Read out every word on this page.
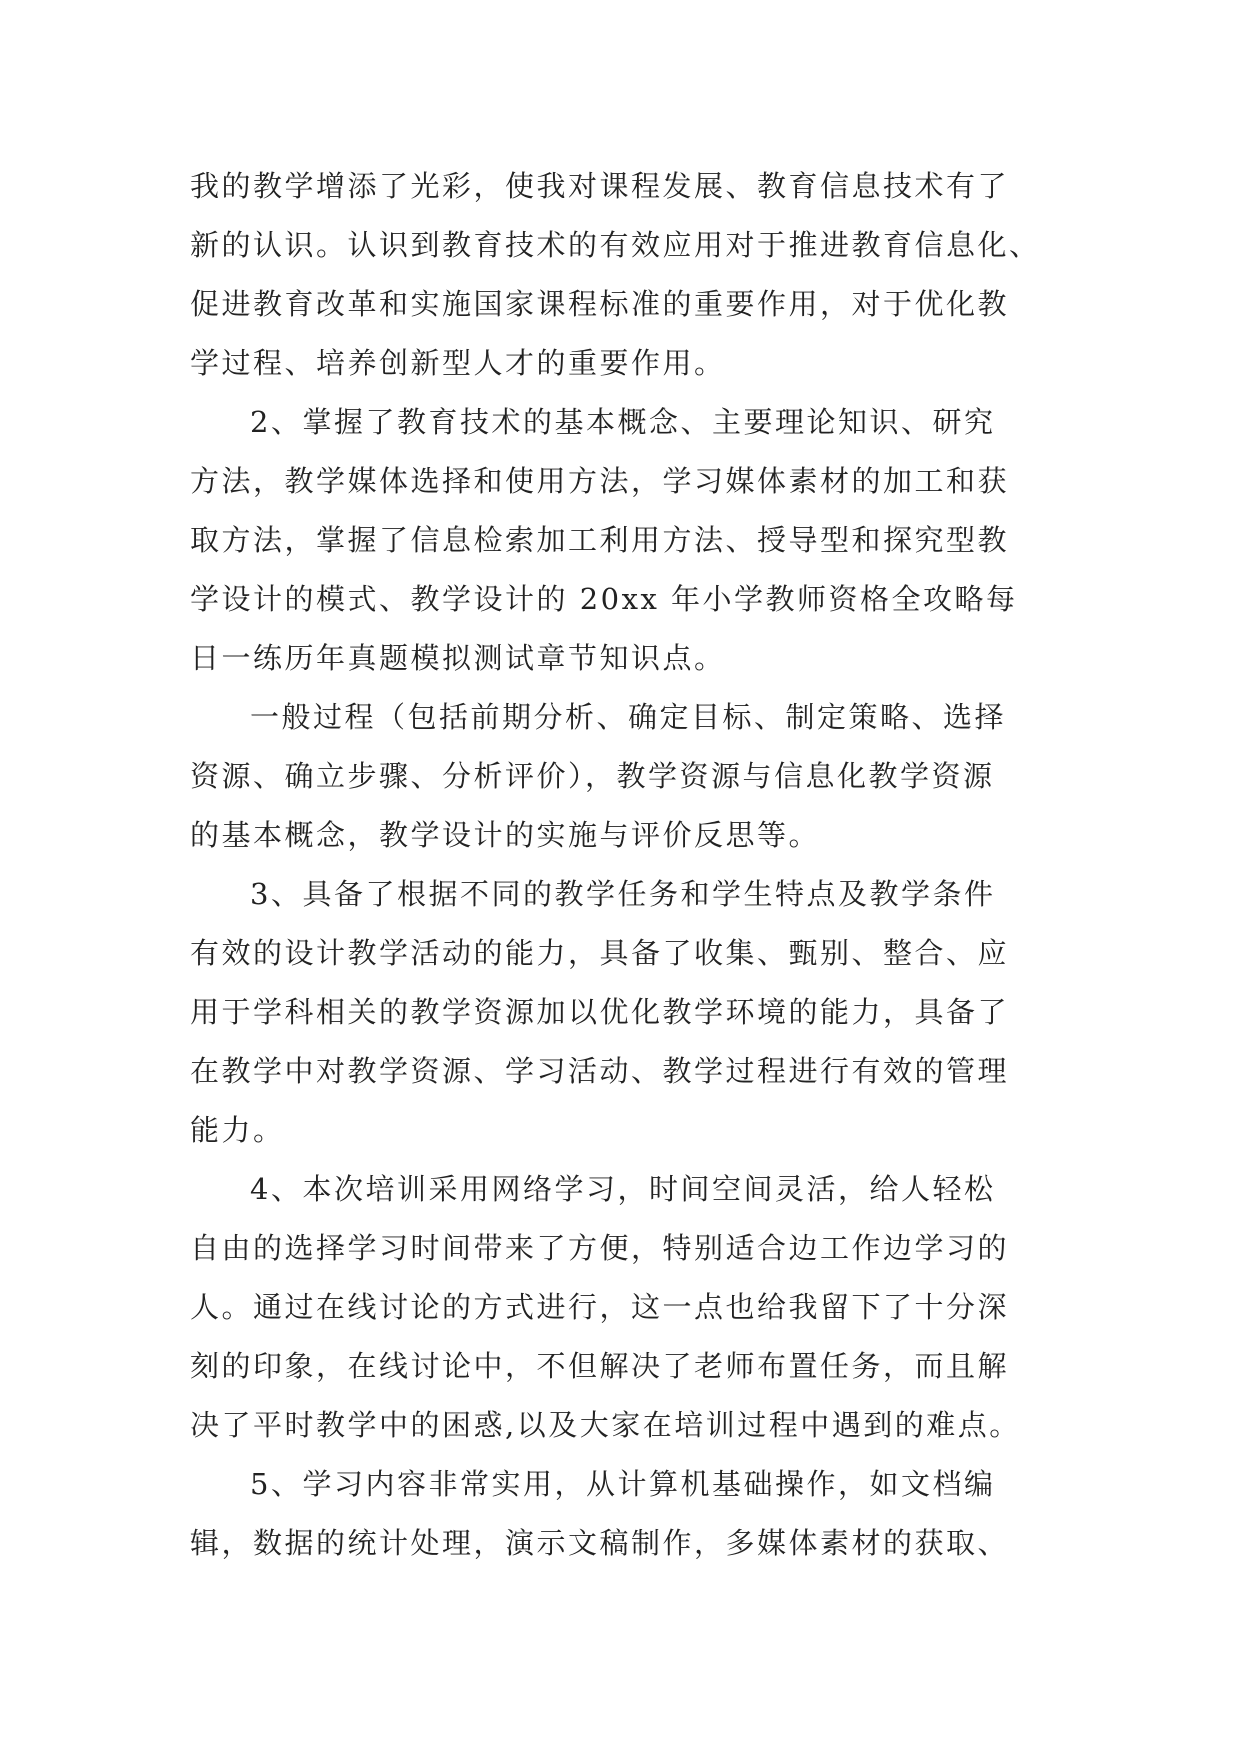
我的教学增添了光彩，使我对课程发展、教育信息技术有了
新的认识。认识到教育技术的有效应用对于推进教育信息化、
促进教育改革和实施国家课程标准的重要作用，对于优化教
学过程、培养创新型人才的重要作用。
2、掌握了教育技术的基本概念、主要理论知识、研究
方法，教学媒体选择和使用方法，学习媒体素材的加工和获
取方法，掌握了信息检索加工利用方法、授导型和探究型教
学设计的模式、教学设计的 20xx 年小学教师资格全攻略每
日一练历年真题模拟测试章节知识点。
一般过程（包括前期分析、确定目标、制定策略、选择
资源、确立步骤、分析评价），教学资源与信息化教学资源
的基本概念，教学设计的实施与评价反思等。
3、具备了根据不同的教学任务和学生特点及教学条件
有效的设计教学活动的能力，具备了收集、甄别、整合、应
用于学科相关的教学资源加以优化教学环境的能力，具备了
在教学中对教学资源、学习活动、教学过程进行有效的管理
能力。
4、本次培训采用网络学习，时间空间灵活，给人轻松
自由的选择学习时间带来了方便，特别适合边工作边学习的
人。通过在线讨论的方式进行，这一点也给我留下了十分深
刻的印象，在线讨论中，不但解决了老师布置任务，而且解
决了平时教学中的困惑,以及大家在培训过程中遇到的难点。
5、学习内容非常实用，从计算机基础操作，如文档编
辑，数据的统计处理，演示文稿制作，多媒体素材的获取、
